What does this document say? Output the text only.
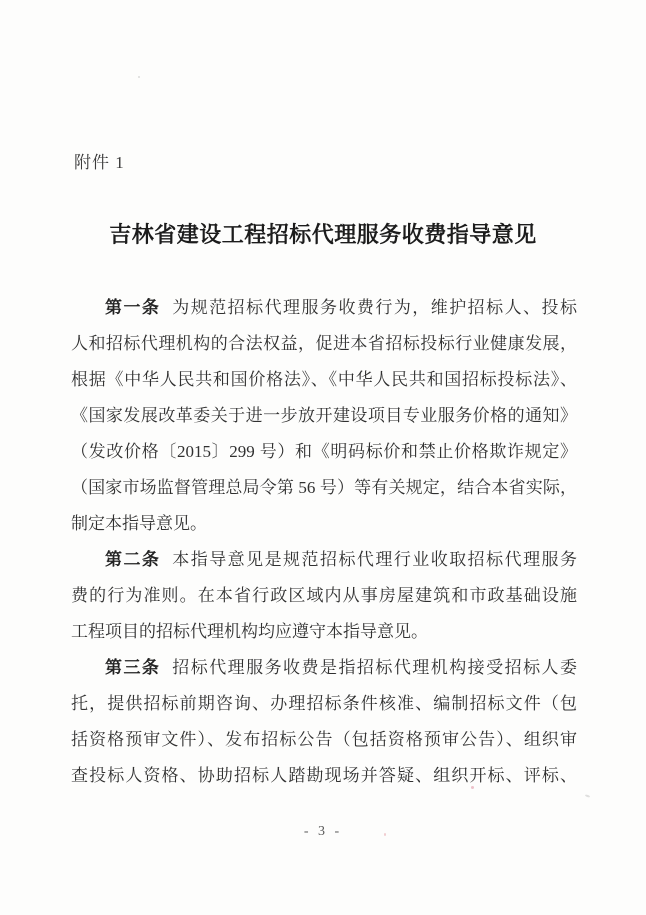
附件 1
吉林省建设工程招标代理服务收费指导意见
第一条 为规范招标代理服务收费行为，维护招标人、投标
人和招标代理机构的合法权益，促进本省招标投标行业健康发展，
根据《中华人民共和国价格法》、《中华人民共和国招标投标法》、
《国家发展改革委关于进一步放开建设项目专业服务价格的通知》
（发改价格〔2015〕299 号）和《明码标价和禁止价格欺诈规定》
（国家市场监督管理总局令第 56 号）等有关规定，结合本省实际，
制定本指导意见。
第二条 本指导意见是规范招标代理行业收取招标代理服务
费的行为准则。在本省行政区域内从事房屋建筑和市政基础设施
工程项目的招标代理机构均应遵守本指导意见。
第三条 招标代理服务收费是指招标代理机构接受招标人委
托，提供招标前期咨询、办理招标条件核准、编制招标文件（包
括资格预审文件）、发布招标公告（包括资格预审公告）、组织审
查投标人资格、协助招标人踏勘现场并答疑、组织开标、评标、
- 3 -
